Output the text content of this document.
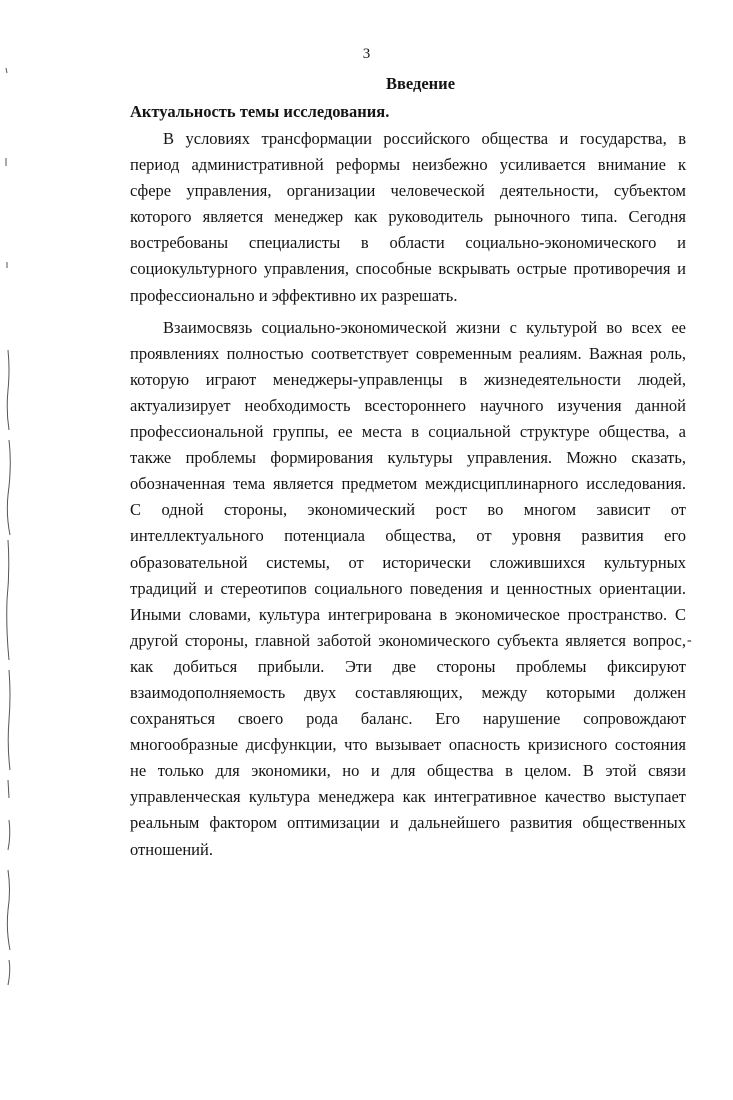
3
Введение
Актуальность темы исследования.

В условиях трансформации российского общества и государства, в
период административной реформы неизбежно усиливается внимание к
сфере управления, организации человеческой деятельности, субъектом
которого является менеджер как руководитель рыночного типа. Сегодня
востребованы специалисты в области социально-экономического и
социокультурного управления, способные вскрывать острые противоречия и
профессионально и эффективно их разрешать.

Взаимосвязь социально-экономической жизни с культурой во всех ее
проявлениях полностью соответствует современным реалиям. Важная роль,
которую играют менеджеры-управленцы в жизнедеятельности людей,
актуализирует необходимость всестороннего научного изучения данной
профессиональной группы, ее места в социальной структуре общества, а
также проблемы формирования культуры управления. Можно сказать,
обозначенная тема является предметом междисциплинарного исследования.
С одной стороны, экономический рост во многом зависит от
интеллектуального потенциала общества, от уровня развития его
образовательной системы, от исторически сложившихся культурных
традиций и стереотипов социального поведения и ценностных ориентации.
Иными словами, культура интегрирована в экономическое пространство. С
другой стороны, главной заботой экономического субъекта является вопрос,
как добиться прибыли. Эти две стороны проблемы фиксируют
взаимодополняемость двух составляющих, между которыми должен
сохраняться своего рода баланс. Его нарушение сопровождают
многообразные дисфункции, что вызывает опасность кризисного состояния
не только для экономики, но и для общества в целом. В этой связи
управленческая культура менеджера как интегративное качество выступает
реальным фактором оптимизации и дальнейшего развития общественных
отношений.

-
